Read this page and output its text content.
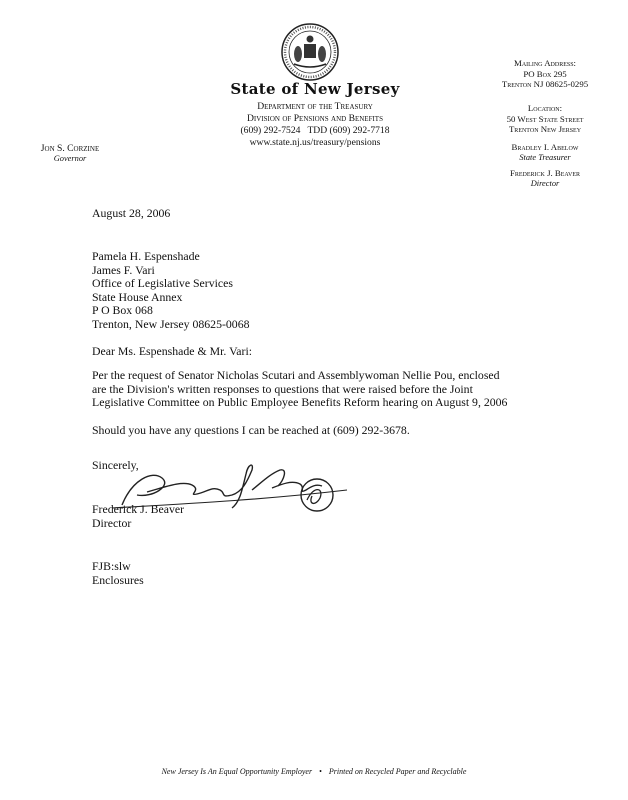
State of New Jersey
Department of the Treasury
Division of Pensions and Benefits
(609) 292-7524   TDD (609) 292-7718
www.state.nj.us/treasury/pensions
Jon S. Corzine
Governor
Mailing Address:
PO Box 295
Trenton NJ 08625-0295
Location:
50 West State Street
Trenton New Jersey
Bradley I. Abelow
State Treasurer
Frederick J. Beaver
Director
August 28, 2006
Pamela H. Espenshade
James F. Vari
Office of Legislative Services
State House Annex
P O Box 068
Trenton, New Jersey 08625-0068
Dear Ms. Espenshade & Mr. Vari:
Per the request of Senator Nicholas Scutari and Assemblywoman Nellie Pou, enclosed
are the Division's written responses to questions that were raised before the Joint
Legislative Committee on Public Employee Benefits Reform hearing on August 9, 2006
Should you have any questions I can be reached at (609) 292-3678.
Sincerely,
Frederick J. Beaver
Director
FJB:slw
Enclosures
New Jersey Is An Equal Opportunity Employer • Printed on Recycled Paper and Recyclable
